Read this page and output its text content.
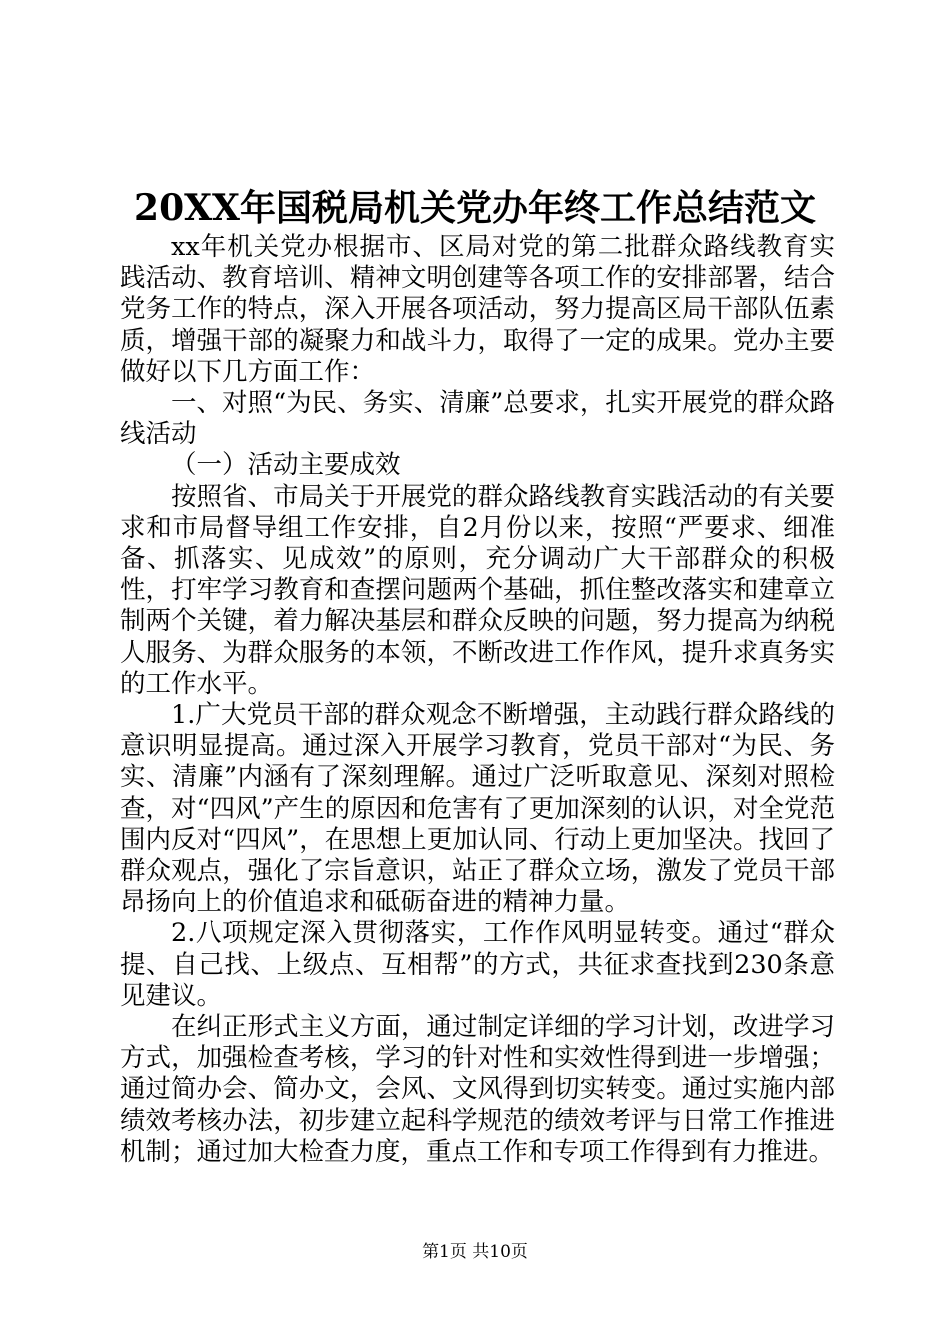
20XX年国税局机关党办年终工作总结范文

xx年机关党办根据市、区局对党的第二批群众路线教育实践活动、教育培训、精神文明创建等各项工作的安排部署，结合党务工作的特点，深入开展各项活动，努力提高区局干部队伍素质，增强干部的凝聚力和战斗力，取得了一定的成果。党办主要做好以下几方面工作：

一、对照“为民、务实、清廉”总要求，扎实开展党的群众路线活动

（一）活动主要成效

按照省、市局关于开展党的群众路线教育实践活动的有关要求和市局督导组工作安排，自2月份以来，按照“严要求、细准备、抓落实、见成效”的原则，充分调动广大干部群众的积极性，打牢学习教育和查摆问题两个基础，抓住整改落实和建章立制两个关键，着力解决基层和群众反映的问题，努力提高为纳税人服务、为群众服务的本领，不断改进工作作风，提升求真务实的工作水平。

1.广大党员干部的群众观念不断增强，主动践行群众路线的意识明显提高。通过深入开展学习教育，党员干部对“为民、务实、清廉”内涵有了深刻理解。通过广泛听取意见、深刻对照检查，对“四风”产生的原因和危害有了更加深刻的认识，对全党范围内反对“四风”，在思想上更加认同、行动上更加坚决。找回了群众观点，强化了宗旨意识，站正了群众立场，激发了党员干部昂扬向上的价值追求和砥砺奋进的精神力量。

2.八项规定深入贯彻落实，工作作风明显转变。通过“群众提、自己找、上级点、互相帮”的方式，共征求查找到230条意见建议。

在纠正形式主义方面，通过制定详细的学习计划，改进学习方式，加强检查考核，学习的针对性和实效性得到进一步增强；通过简办会、简办文，会风、文风得到切实转变。通过实施内部绩效考核办法，初步建立起科学规范的绩效考评与日常工作推进机制；通过加大检查力度，重点工作和专项工作得到有力推进。

第1页 共10页
